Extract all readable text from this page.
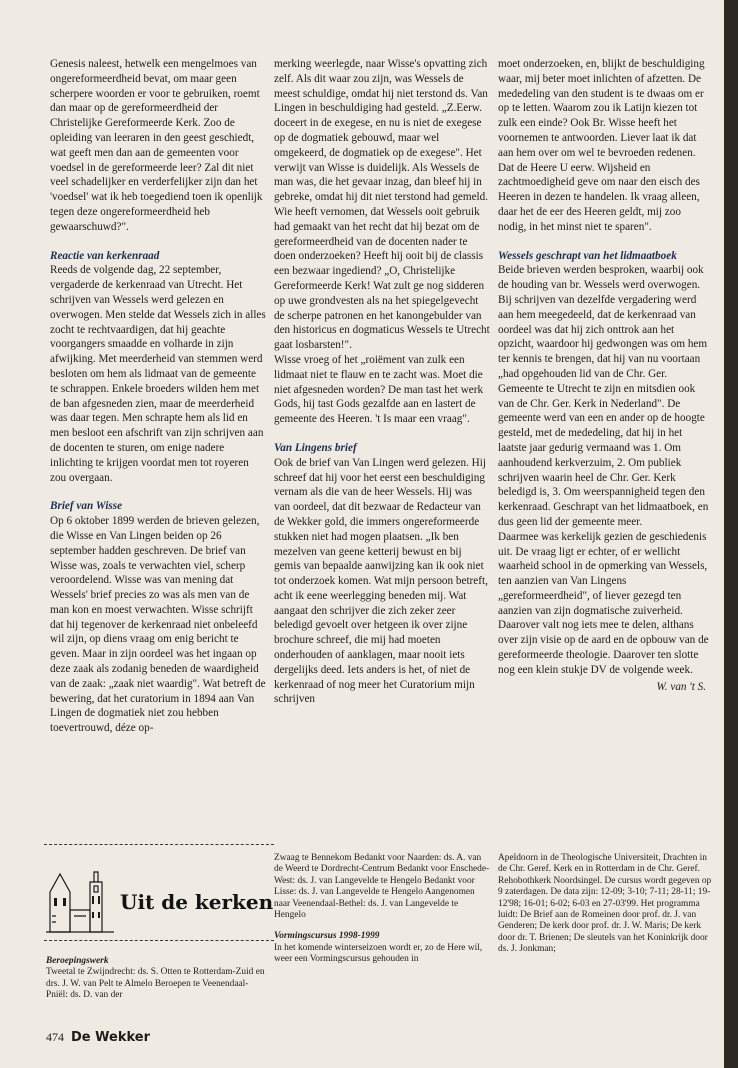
Genesis naleest, hetwelk een mengelmoes van ongereformeerdheid bevat, om maar geen scherpere woorden er voor te gebruiken, roemt dan maar op de gereformeerdheid der Christelijke Gereformeerde Kerk. Zoo de opleiding van leeraren in den geest geschiedt, wat geeft men dan aan de gemeenten voor voedsel in de gereformeerde leer? Zal dit niet veel schadelijker en verderfelijker zijn dan het 'voedsel' wat ik heb toegediend toen ik openlijk tegen deze ongereformeerdheid heb gewaarschuwd?".

Reactie van kerkenraad

Reeds de volgende dag, 22 september, vergaderde de kerkenraad van Utrecht. Het schrijven van Wessels werd gelezen en overwogen. Men stelde dat Wessels zich in alles zocht te rechtvaardigen, dat hij geachte voorgangers smaadde en volharde in zijn afwijking. Met meerderheid van stemmen werd besloten om hem als lidmaat van de gemeente te schrappen. Enkele broeders wilden hem met de ban afgesneden zien, maar de meerderheid was daar tegen. Men schrapte hem als lid en men besloot een afschrift van zijn schrijven aan de docenten te sturen, om enige nadere inlichting te krijgen voordat men tot royeren zou overgaan.

Brief van Wisse

Op 6 oktober 1899 werden de brieven gelezen, die Wisse en Van Lingen beiden op 26 september hadden geschreven. De brief van Wisse was, zoals te verwachten viel, scherp veroordelend. Wisse was van mening dat Wessels' brief precies zo was als men van de man kon en moest verwachten. Wisse schrijft dat hij tegenover de kerkenraad niet onbeleefd wil zijn, op diens vraag om enig bericht te geven. Maar in zijn oordeel was het ingaan op deze zaak als zodanig beneden de waardigheid van de zaak: „zaak niet waardig". Wat betreft de bewering, dat het curatorium in 1894 aan Van Lingen de dogmatiek niet zou hebben toevertrouwd, déze op-

merking weerlegde, naar Wisse's opvatting zich zelf. Als dit waar zou zijn, was Wessels de meest schuldige, omdat hij niet terstond ds. Van Lingen in beschuldiging had gesteld. „Z.Eerw. doceert in de exegese, en nu is niet de exegese op de dogmatiek gebouwd, maar wel omgekeerd, de dogmatiek op de exegese". Het verwijt van Wisse is duidelijk. Als Wessels de man was, die het gevaar inzag, dan bleef hij in gebreke, omdat hij dit niet terstond had gemeld. Wie heeft vernomen, dat Wessels ooit gebruik had gemaakt van het recht dat hij bezat om de gereformeerdheid van de docenten nader te doen onderzoeken? Heeft hij ooit bij de classis een bezwaar ingediend? „O, Christelijke Gereformeerde Kerk! Wat zult ge nog sidderen op uwe grondvesten als na het spiegelgevecht de scherpe patronen en het kanongebulder van den historicus en dogmaticus Wessels te Utrecht gaat losbarsten!".

Wisse vroeg of het „roiëment van zulk een lidmaat niet te flauw en te zacht was. Moet die niet afgesneden worden? De man tast het werk Gods, hij tast Gods gezalfde aan en lastert de gemeente des Heeren. 't Is maar een vraag".

Van Lingens brief

Ook de brief van Van Lingen werd gelezen. Hij schreef dat hij voor het eerst een beschuldiging vernam als die van de heer Wessels. Hij was van oordeel, dat dit bezwaar de Redacteur van de Wekker gold, die immers ongereformeerde stukken niet had mogen plaatsen. „Ik ben mezelven van geene ketterij bewust en bij gemis van bepaalde aanwijzing kan ik ook niet tot onderzoek komen. Wat mijn persoon betreft, acht ik eene weerlegging beneden mij. Wat aangaat den schrijver die zich zeker zeer beledigd gevoelt over hetgeen ik over zijne brochure schreef, die mij had moeten onderhouden of aanklagen, maar nooit iets dergelijks deed. Iets anders is het, of niet de kerkenraad of nog meer het Curatorium mijn schrijven

moet onderzoeken, en, blijkt de beschuldiging waar, mij beter moet inlichten of afzetten. De mededeling van den student is te dwaas om er op te letten. Waarom zou ik Latijn kiezen tot zulk een einde? Ook Br. Wisse heeft het voornemen te antwoorden. Liever laat ik dat aan hem over om wel te bevroeden redenen.

Dat de Heere U eerw. Wijsheid en zachtmoedigheid geve om naar den eisch des Heeren in dezen te handelen. Ik vraag alleen, daar het de eer des Heeren geldt, mij zoo nodig, in het minst niet te sparen".

Wessels geschrapt van het lidmaatboek

Beide brieven werden besproken, waarbij ook de houding van br. Wessels werd overwogen. Bij schrijven van dezelfde vergadering werd aan hem meegedeeld, dat de kerkenraad van oordeel was dat hij zich onttrok aan het opzicht, waardoor hij gedwongen was om hem ter kennis te brengen, dat hij van nu voortaan „had opgehouden lid van de Chr. Ger. Gemeente te Utrecht te zijn en mitsdien ook van de Chr. Ger. Kerk in Nederland". De gemeente werd van een en ander op de hoogte gesteld, met de mededeling, dat hij in het laatste jaar gedurig vermaand was 1. Om aanhoudend kerkverzuim, 2. Om publiek schrijven waarin heel de Chr. Ger. Kerk beledigd is, 3. Om weerspannigheid tegen den kerkenraad. Geschrapt van het lidmaatboek, en dus geen lid der gemeente meer.

Daarmee was kerkelijk gezien de geschiedenis uit. De vraag ligt er echter, of er wellicht waarheid school in de opmerking van Wessels, ten aanzien van Van Lingens „gereformeerdheid", of liever gezegd ten aanzien van zijn dogmatische zuiverheid. Daarover valt nog iets mee te delen, althans over zijn visie op de aard en de opbouw van de gereformeerde theologie. Daarover ten slotte nog een klein stukje DV de volgende week.

W. van 't S.

Uit de kerken
Beroepingswerk
Tweetal te Zwijndrecht: ds. S. Otten te Rotterdam-Zuid en drs. J. W. van Pelt te Almelo Beroepen te Veenendaal-Pniël: ds. D. van der
Zwaag te Bennekom Bedankt voor Naarden: ds. A. van de Weerd te Dordrecht-Centrum Bedankt voor Enschede-West: ds. J. van Langevelde te Hengelo Bedankt voor Lisse: ds. J. van Langevelde te Hengelo Aangenomen naar Veenendaal-Bethel: ds. J. van Langevelde te Hengelo
Vormingscursus 1998-1999
In het komende winterseizoen wordt er, zo de Here wil, weer een Vormingscursus gehouden in
Apeldoorn in de Theologische Universiteit, Drachten in de Chr. Geref. Kerk en in Rotterdam in de Chr. Geref. Rehobothkerk Noordsingel. De cursus wordt gegeven op 9 zaterdagen. De data zijn: 12-09; 3-10; 7-11; 28-11; 19-12'98; 16-01; 6-02; 6-03 en 27-03'99. Het programma luidt: De Brief aan de Romeinen door prof. dr. J. van Genderen; De kerk door prof. dr. J. W. Maris; De kerk door dr. T. Brienen; De sleutels van het Koninkrijk door ds. J. Jonkman;
474 De Wekker
